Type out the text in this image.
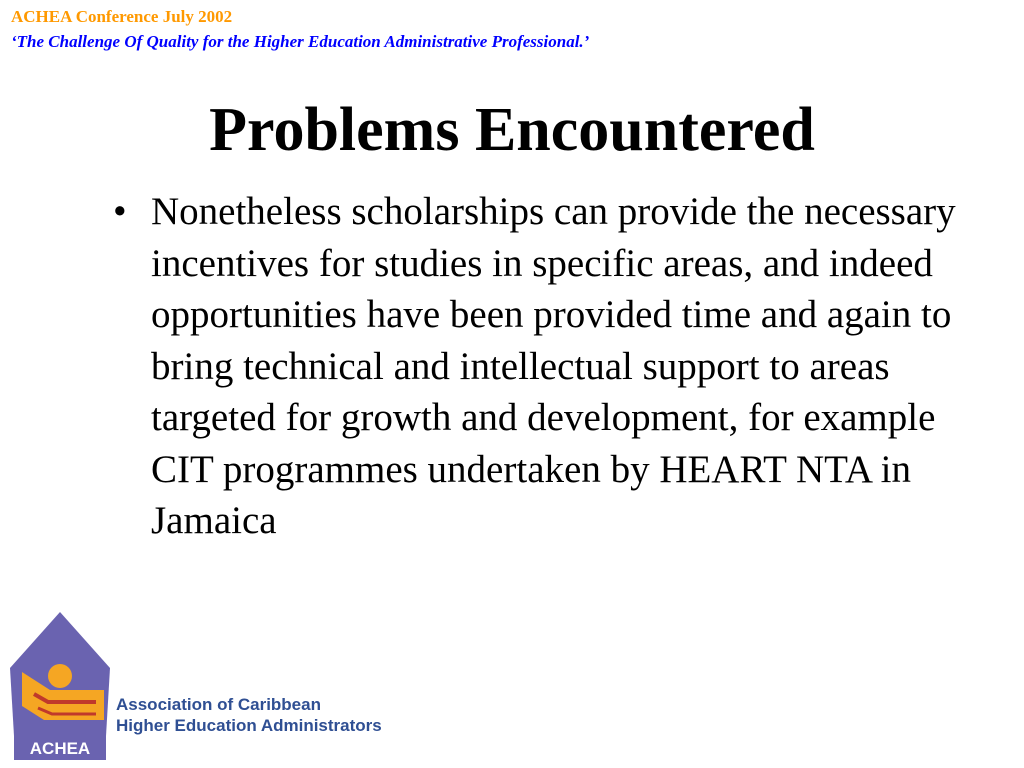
ACHEA Conference July 2002
‘The Challenge Of Quality for the Higher Education Administrative Professional.’
Problems Encountered
• Nonetheless scholarships can provide the necessary incentives for studies in specific areas, and indeed opportunities have been provided time and again to bring technical and intellectual support to areas targeted for growth and development, for example CIT programmes undertaken by HEART NTA in Jamaica
ACHEA
Association of Caribbean
Higher Education Administrators
